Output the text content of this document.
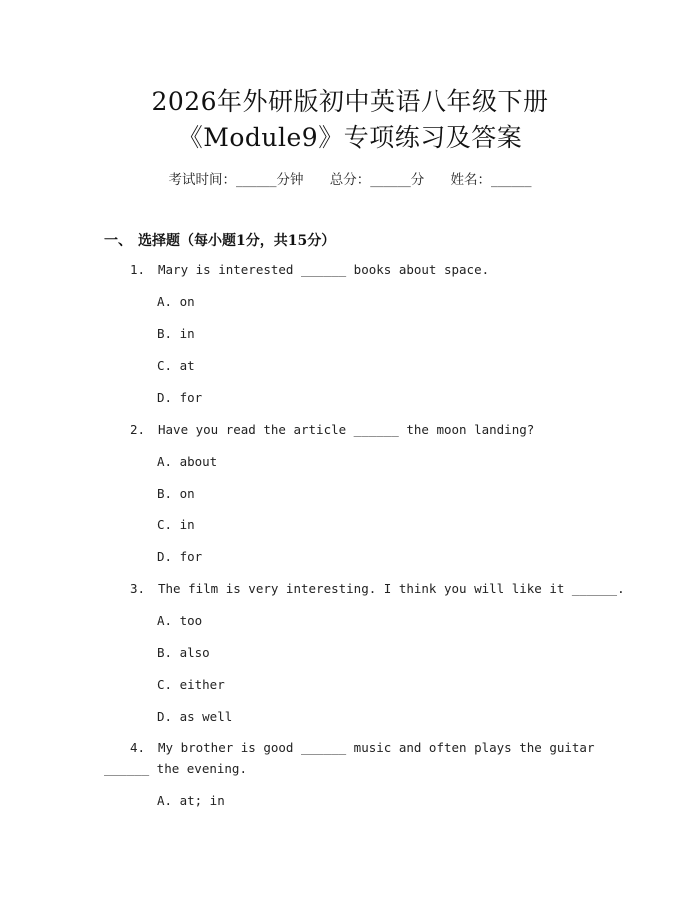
2026年外研版初中英语八年级下册
《Module9》专项练习及答案
考试时间：______分钟 总分：______分 姓名：______
一、 选择题（每小题1分，共15分）
1. Mary is interested ______ books about space.
A. on
B. in
C. at
D. for
2. Have you read the article ______ the moon landing?
A. about
B. on
C. in
D. for
3. The film is very interesting. I think you will like it ______.
A. too
B. also
C. either
D. as well
4. My brother is good ______ music and often plays the guitar
______ the evening.
A. at; in
